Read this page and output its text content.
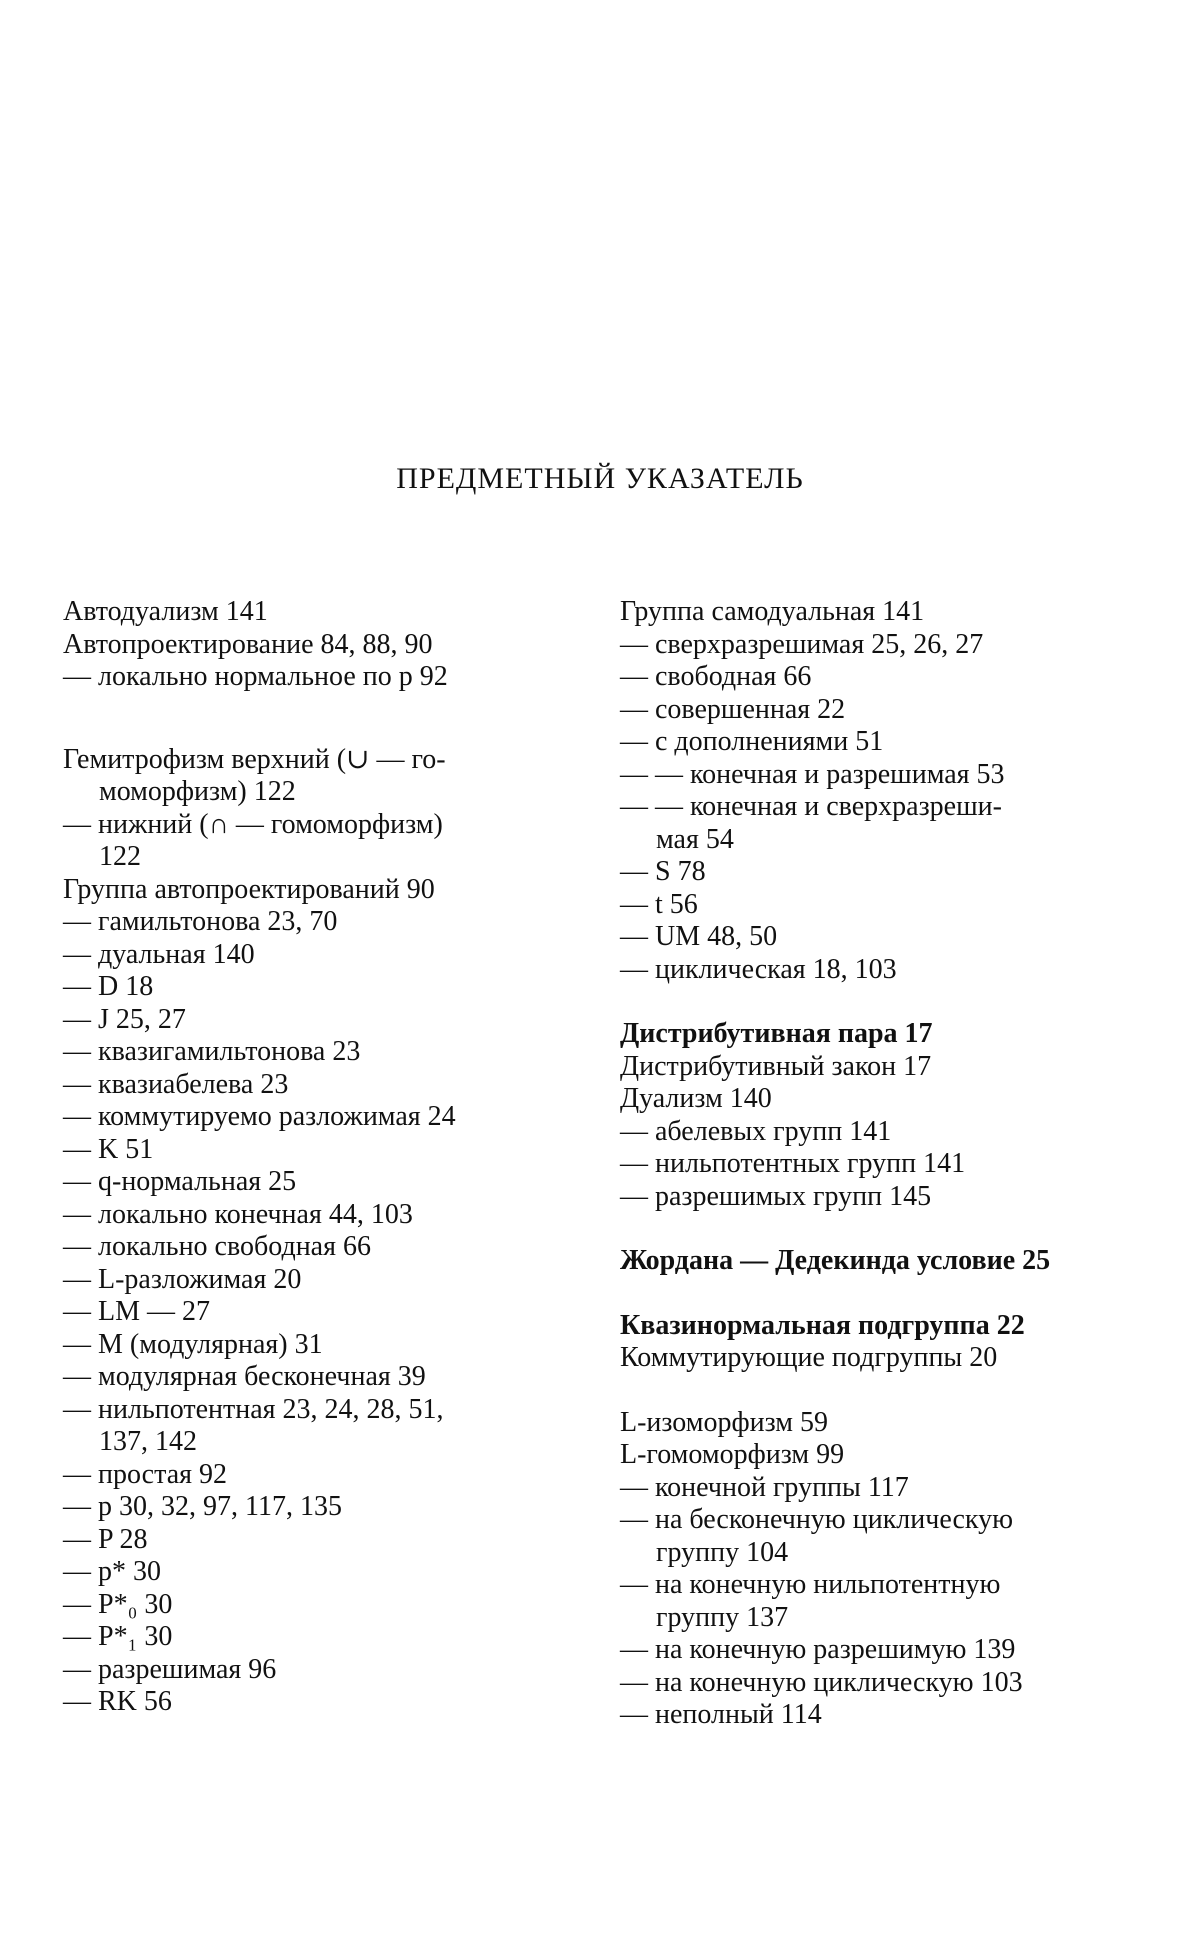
ПРЕДМЕТНЫЙ УКАЗАТЕЛЬ
Автодуализм 141
Автопроектирование 84, 88, 90
— локально нормальное по p 92
Гемитрофизм верхний (∪ — го-
моморфизм) 122
— нижний (∩ — гомоморфизм)
122
Группа автопроектирований 90
— гамильтонова 23, 70
— дуальная 140
— D 18
— J 25, 27
— квазигамильтонова 23
— квазиабелева 23
— коммутируемо разложимая 24
— K 51
— q-нормальная 25
— локально конечная 44, 103
— локально свободная 66
— L-разложимая 20
— LM — 27
— M (модулярная) 31
— модулярная бесконечная 39
— нильпотентная 23, 24, 28, 51,
137, 142
— простая 92
— p 30, 32, 97, 117, 135
— P 28
— p* 30
— P*₀ 30
— P*₁ 30
— разрешимая 96
— RK 56
Группа самодуальная 141
— сверхразрешимая 25, 26, 27
— свободная 66
— совершенная 22
— с дополнениями 51
— — конечная и разрешимая 53
— — конечная и сверхразреши-
мая 54
— S 78
— t 56
— UM 48, 50
— циклическая 18, 103
Дистрибутивная пара 17
Дистрибутивный закон 17
Дуализм 140
— абелевых групп 141
— нильпотентных групп 141
— разрешимых групп 145
Жордана — Дедекинда условие 25
Квазинормальная подгруппа 22
Коммутирующие подгруппы 20
L-изоморфизм 59
L-гомоморфизм 99
— конечной группы 117
— на бесконечную циклическую
группу 104
— на конечную нильпотентную
группу 137
— на конечную разрешимую 139
— на конечную циклическую 103
— неполный 114
